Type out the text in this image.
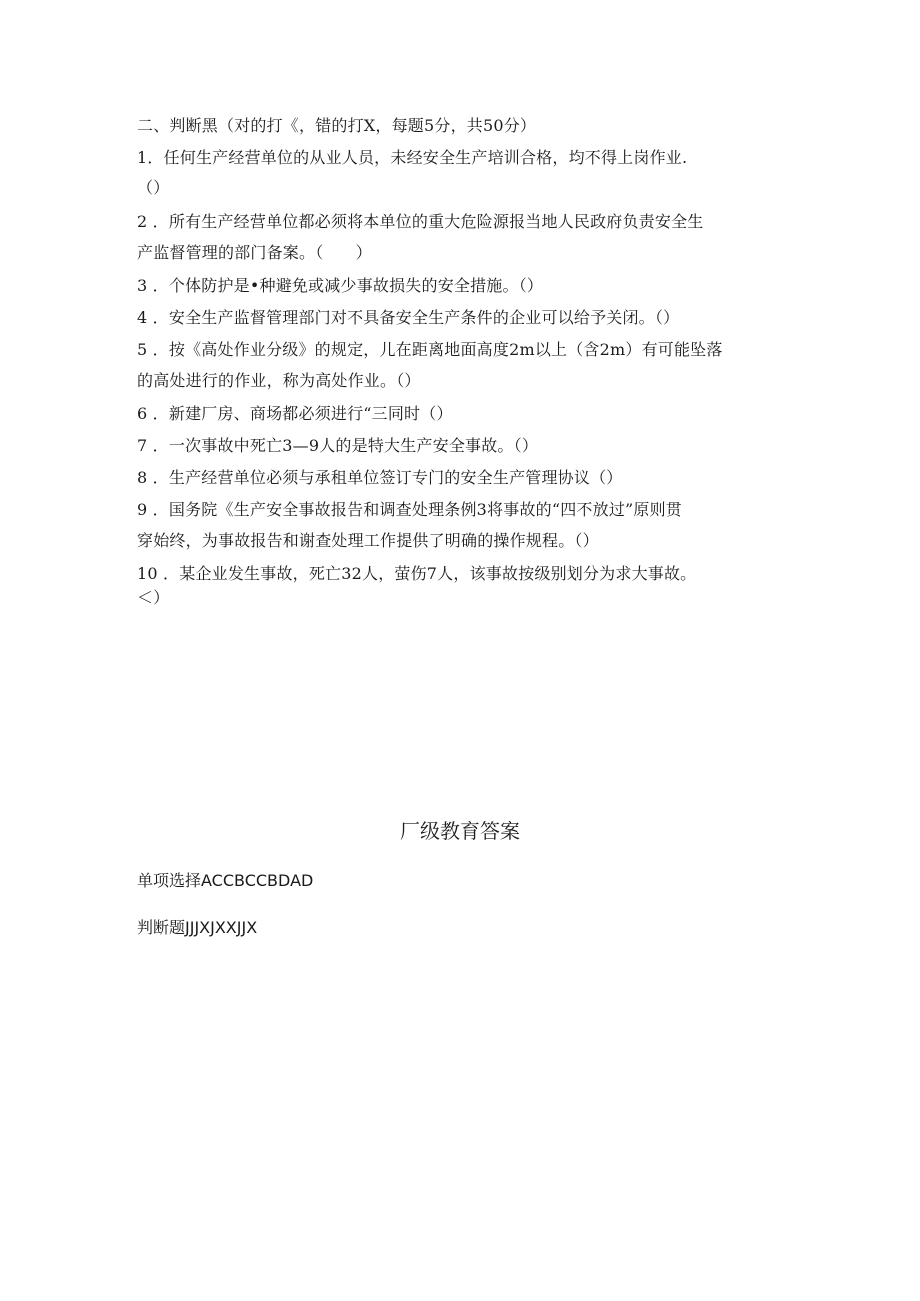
二、判断黑（对的打《，错的打X，每题5分，共50分）
1．任何生产经营单位的从业人员，未经安全生产培训合格，均不得上岗作业.
（）
2 ．所有生产经营单位都必须将本单位的重大危险源报当地人民政府负责安全生
产监督管理的部门备案。（　　）
3 ．个体防护是•种避免或减少事故损失的安全措施。（）
4 ．安全生产监督管理部门对不具备安全生产条件的企业可以给予关闭。（）
5 ．按《高处作业分级》的规定，儿在距离地面高度2m以上（含2m）有可能坠落
的高处进行的作业，称为高处作业。（）
6 ．新建厂房、商场都必须进行“三同时（）
7 ．一次事故中死亡3—9人的是特大生产安全事故。（）
8 ．生产经营单位必须与承租单位签订专门的安全生产管理协议（）
9 ．国务院《生产安全事故报告和调查处理条例3将事故的“四不放过”原则贯
穿始终，为事故报告和谢查处理工作提供了明确的操作规程。（）
10 ．某企业发生事故，死亡32人，萤伤7人，该事故按级别划分为求大事故。
＜）
厂级教育答案
单项选择ACCBCCBDAD
判断题JJJXJXXJJX
